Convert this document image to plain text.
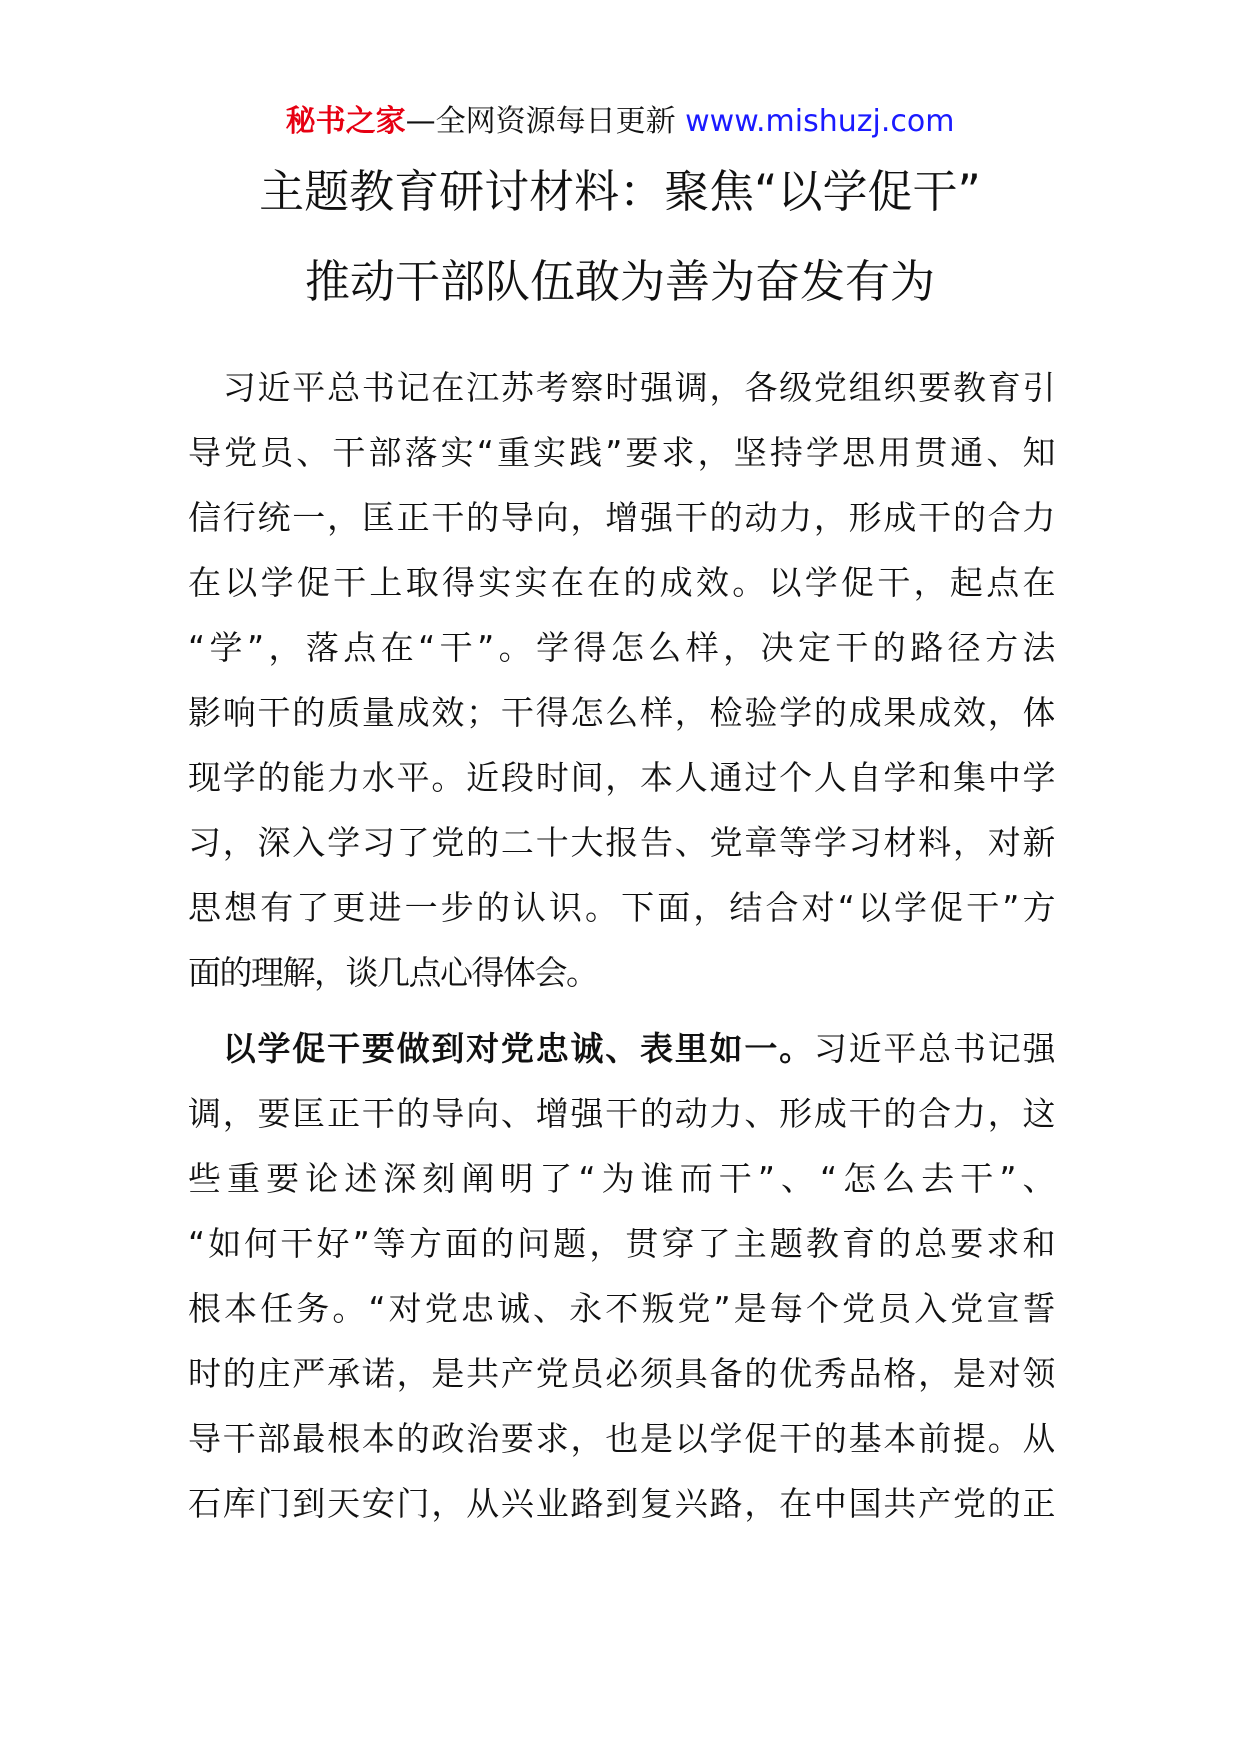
秘书之家—全网资源每日更新 www.mishuzj.com
主题教育研讨材料：聚焦“以学促干”
推动干部队伍敢为善为奋发有为
　习近平总书记在江苏考察时强调，各级党组织要教育引
导党员、干部落实“重实践”要求，坚持学思用贯通、知
信行统一，匡正干的导向，增强干的动力，形成干的合力
在以学促干上取得实实在在的成效。以学促干，起点在
“学”，落点在“干”。学得怎么样，决定干的路径方法
影响干的质量成效；干得怎么样，检验学的成果成效，体
现学的能力水平。近段时间，本人通过个人自学和集中学
习，深入学习了党的二十大报告、党章等学习材料，对新
思想有了更进一步的认识。下面，结合对“以学促干”方
面的理解，谈几点心得体会。
　以学促干要做到对党忠诚、表里如一。习近平总书记强
调，要匡正干的导向、增强干的动力、形成干的合力，这
些重要论述深刻阐明了“为谁而干”、“怎么去干”、
“如何干好”等方面的问题，贯穿了主题教育的总要求和
根本任务。“对党忠诚、永不叛党”是每个党员入党宣誓
时的庄严承诺，是共产党员必须具备的优秀品格，是对领
导干部最根本的政治要求，也是以学促干的基本前提。从
石库门到天安门，从兴业路到复兴路，在中国共产党的正
